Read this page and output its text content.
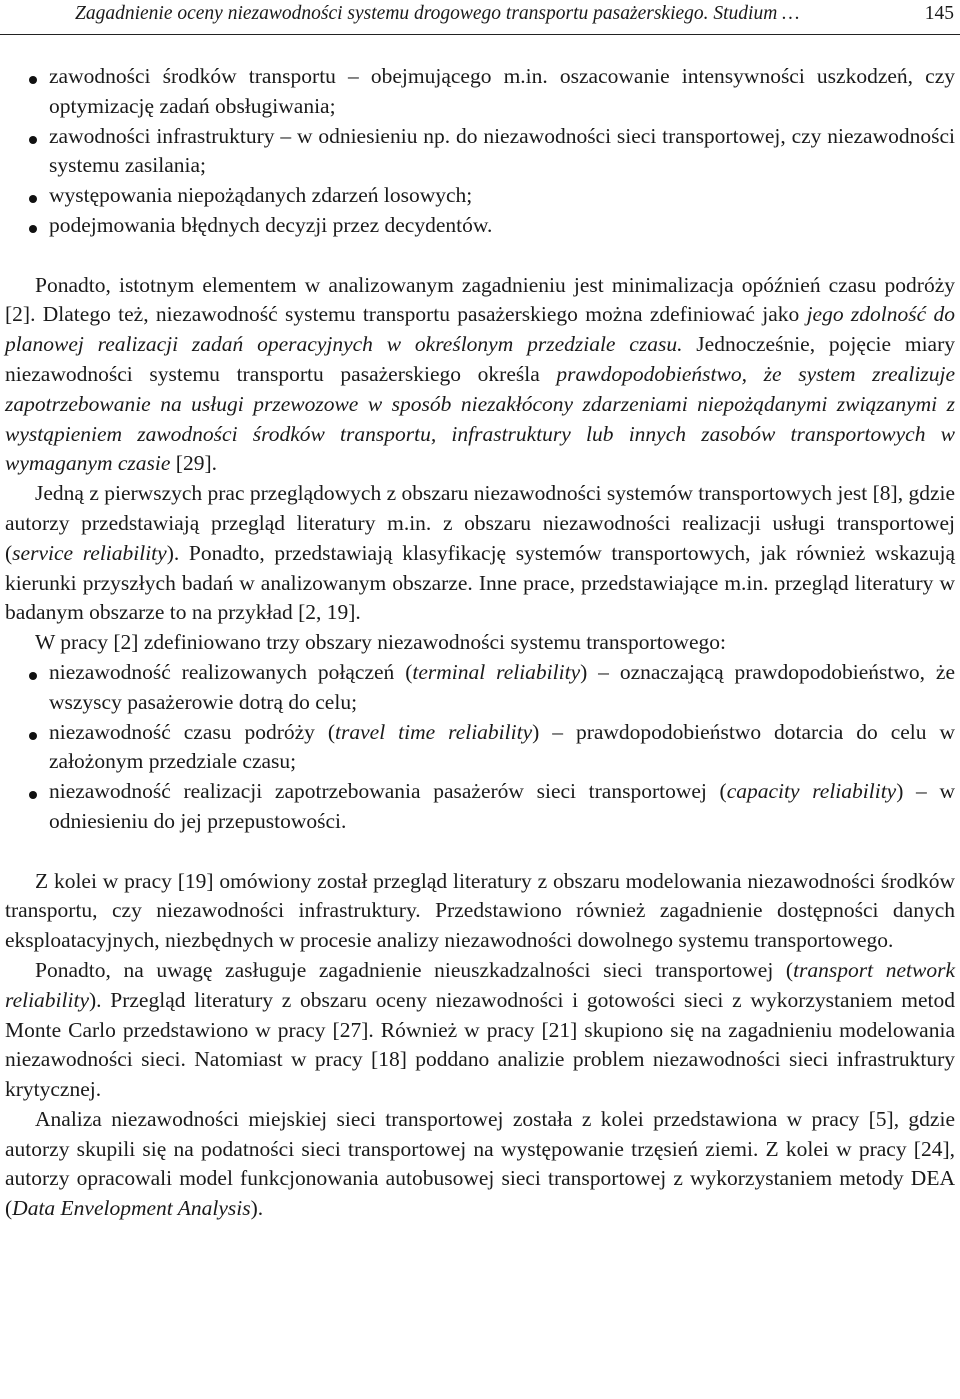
Zagadnienie oceny niezawodności systemu drogowego transportu pasażerskiego. Studium …	145
zawodności środków transportu – obejmującego m.in. oszacowanie intensywności uszkodzeń, czy optymizację zadań obsługiwania;
zawodności infrastruktury – w odniesieniu np. do niezawodności sieci transportowej, czy niezawodności systemu zasilania;
występowania niepożądanych zdarzeń losowych;
podejmowania błędnych decyzji przez decydentów.

Ponadto, istotnym elementem w analizowanym zagadnieniu jest minimalizacja opóźnień czasu podróży [2]. Dlatego też, niezawodność systemu transportu pasażerskiego można zdefiniować jako jego zdolność do planowej realizacji zadań operacyjnych w określonym przedziale czasu. Jednocześnie, pojęcie miary niezawodności systemu transportu pasażerskiego określa prawdopodobieństwo, że system zrealizuje zapotrzebowanie na usługi przewozowe w sposób niezakłócony zdarzeniami niepożądanymi związanymi z wystąpieniem zawodności środków transportu, infrastruktury lub innych zasobów transportowych w wymaganym czasie [29].

Jedną z pierwszych prac przeglądowych z obszaru niezawodności systemów transportowych jest [8], gdzie autorzy przedstawiają przegląd literatury m.in. z obszaru niezawodności realizacji usługi transportowej (service reliability). Ponadto, przedstawiają klasyfikację systemów transportowych, jak również wskazują kierunki przyszłych badań w analizowanym obszarze. Inne prace, przedstawiające m.in. przegląd literatury w badanym obszarze to na przykład [2, 19].

W pracy [2] zdefiniowano trzy obszary niezawodności systemu transportowego:

niezawodność realizowanych połączeń (terminal reliability) – oznaczającą prawdopodobieństwo, że wszyscy pasażerowie dotrą do celu;
niezawodność czasu podróży (travel time reliability) – prawdopodobieństwo dotarcia do celu w założonym przedziale czasu;
niezawodność realizacji zapotrzebowania pasażerów sieci transportowej (capacity reliability) – w odniesieniu do jej przepustowości.

Z kolei w pracy [19] omówiony został przegląd literatury z obszaru modelowania niezawodności środków transportu, czy niezawodności infrastruktury. Przedstawiono również zagadnienie dostępności danych eksploatacyjnych, niezbędnych w procesie analizy niezawodności dowolnego systemu transportowego.

Ponadto, na uwagę zasługuje zagadnienie nieuszkadzalności sieci transportowej (transport network reliability). Przegląd literatury z obszaru oceny niezawodności i gotowości sieci z wykorzystaniem metod Monte Carlo przedstawiono w pracy [27]. Również w pracy [21] skupiono się na zagadnieniu modelowania niezawodności sieci. Natomiast w pracy [18] poddano analizie problem niezawodności sieci infrastruktury krytycznej.

Analiza niezawodności miejskiej sieci transportowej została z kolei przedstawiona w pracy [5], gdzie autorzy skupili się na podatności sieci transportowej na występowanie trzęsień ziemi. Z kolei w pracy [24], autorzy opracowali model funkcjonowania autobusowej sieci transportowej z wykorzystaniem metody DEA (Data Envelopment Analysis).
